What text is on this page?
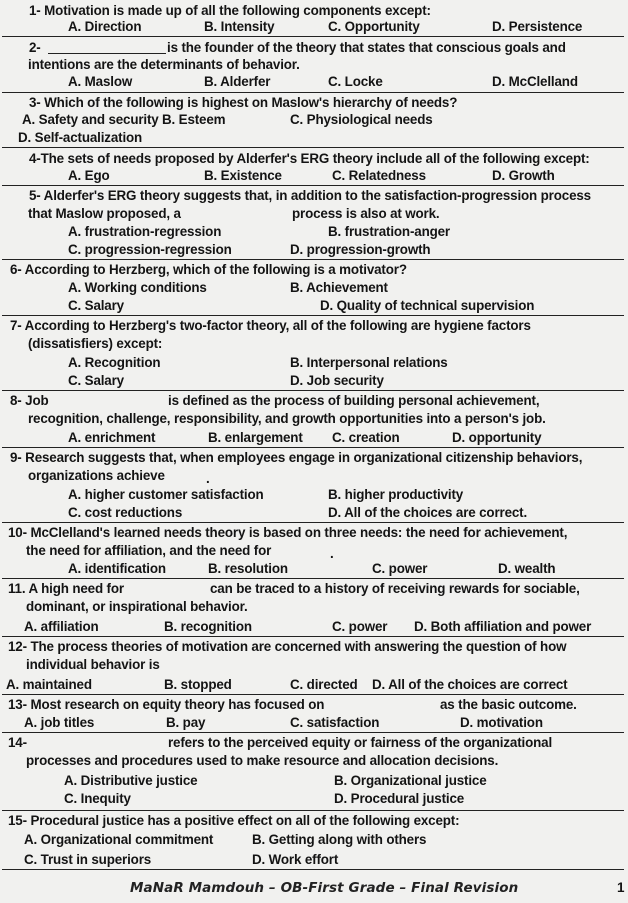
1- Motivation is made up of all the following components except:
A. Direction	B. Intensity	C. Opportunity	D. Persistence
2-	is the founder of the theory that states that conscious goals and
intentions are the determinants of behavior.
A. Maslow	B. Alderfer	C. Locke	D. McClelland
3- Which of the following is highest on Maslow's hierarchy of needs?
A. Safety and security B. Esteem	C. Physiological needs
D. Self-actualization
4-The sets of needs proposed by Alderfer's ERG theory include all of the following except:
A. Ego	B. Existence	C. Relatedness	D. Growth
5- Alderfer's ERG theory suggests that, in addition to the satisfaction-progression process
that Maslow proposed, a	process is also at work.
A. frustration-regression	B. frustration-anger
C. progression-regression	D. progression-growth
6- According to Herzberg, which of the following is a motivator?
A. Working conditions	B. Achievement
C. Salary	D. Quality of technical supervision
7- According to Herzberg's two-factor theory, all of the following are hygiene factors
(dissatisfiers) except:
A. Recognition	B. Interpersonal relations
C. Salary	D. Job security
8- Job	is defined as the process of building personal achievement,
recognition, challenge, responsibility, and growth opportunities into a person's job.
A. enrichment	B. enlargement C. creation	D. opportunity
9- Research suggests that, when employees engage in organizational citizenship behaviors,
organizations achieve	.
A. higher customer satisfaction	B. higher productivity
C. cost reductions	D. All of the choices are correct.
10- McClelland's learned needs theory is based on three needs: the need for achievement,
the need for affiliation, and the need for	.
A. identification	B. resolution	C. power	D. wealth
11. A high need for	can be traced to a history of receiving rewards for sociable,
dominant, or inspirational behavior.
A. affiliation	B. recognition	C. power D. Both affiliation and power
12- The process theories of motivation are concerned with answering the question of how
individual behavior is
A. maintained	B. stopped	C. directed D. All of the choices are correct
13- Most research on equity theory has focused on	as the basic outcome.
A. job titles	B. pay	C. satisfaction	D. motivation
14-	refers to the perceived equity or fairness of the organizational
processes and procedures used to make resource and allocation decisions.
A. Distributive justice	B. Organizational justice
C. Inequity	D. Procedural justice
15- Procedural justice has a positive effect on all of the following except:
A. Organizational commitment	B. Getting along with others
C. Trust in superiors	D. Work effort
MaNaR Mamdouh – OB-First Grade – Final Revision	1
